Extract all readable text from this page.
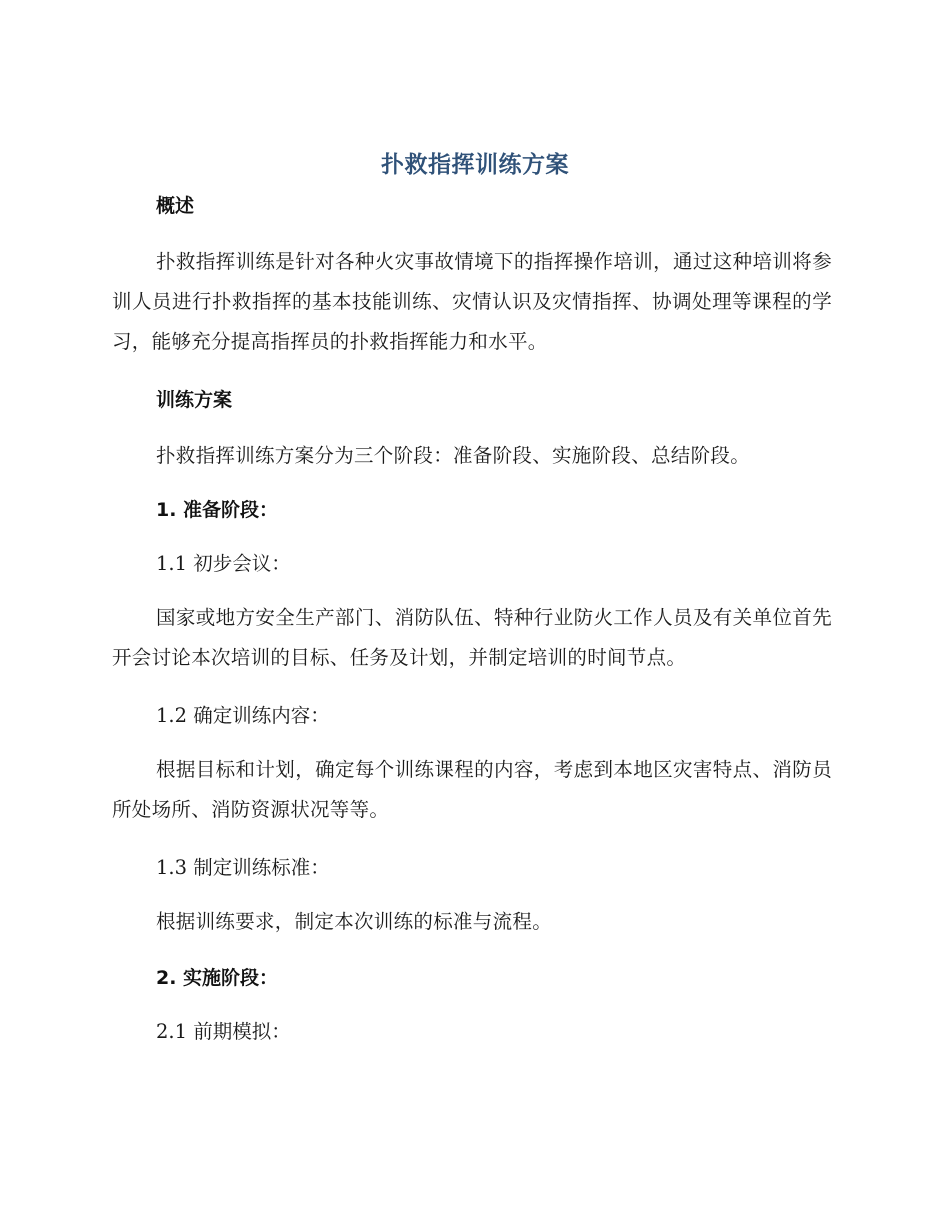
扑救指挥训练方案

概述

扑救指挥训练是针对各种火灾事故情境下的指挥操作培训，通过这种培训将参训人员进行扑救指挥的基本技能训练、灾情认识及灾情指挥、协调处理等课程的学习，能够充分提高指挥员的扑救指挥能力和水平。

训练方案

扑救指挥训练方案分为三个阶段：准备阶段、实施阶段、总结阶段。

1. 准备阶段：

1.1 初步会议：

国家或地方安全生产部门、消防队伍、特种行业防火工作人员及有关单位首先开会讨论本次培训的目标、任务及计划，并制定培训的时间节点。

1.2 确定训练内容：

根据目标和计划，确定每个训练课程的内容，考虑到本地区灾害特点、消防员所处场所、消防资源状况等等。

1.3 制定训练标准：

根据训练要求，制定本次训练的标准与流程。

2. 实施阶段：

2.1 前期模拟：
